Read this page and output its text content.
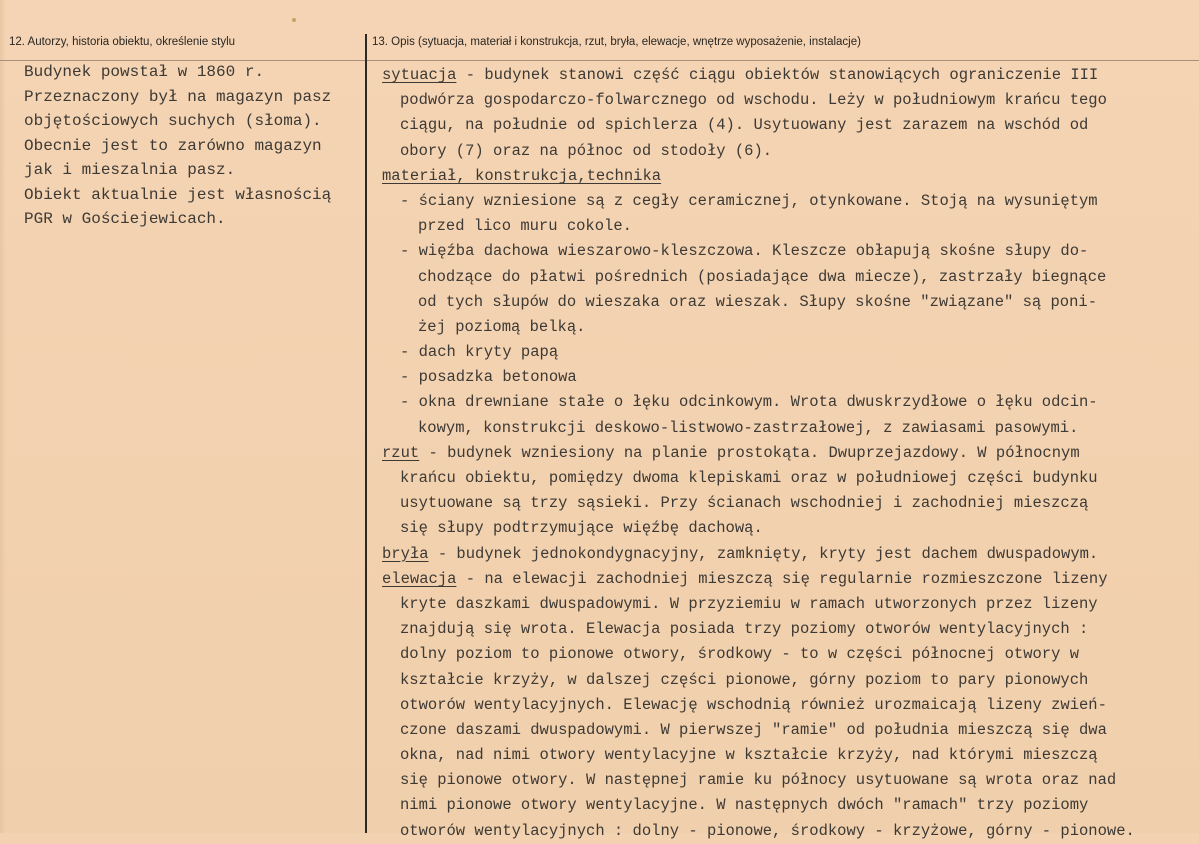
12. Autorzy, historia obiektu, określenie stylu	13. Opis (sytuacja, materiał i konstrukcja, rzut, bryła, elewacje, wnętrze wyposażenie, instalacje)
Budynek powstał w 1860 r.
Przeznaczony był na magazyn pasz
objętościowych suchych (słoma).
Obecnie jest to zarówno magazyn
jak i mieszalnia pasz.
Obiekt aktualnie jest własnością
PGR w Gościejewicach.
sytuacja - budynek stanowi część ciągu obiektów stanowiących ograniczenie III
podwórza gospodarczo-folwarcznego od wschodu. Leży w południowym krańcu tego
ciągu, na południe od spichlerza (4). Usytuowany jest zarazem na wschód od
obory (7) oraz na północ od stodoły (6).
materiał, konstrukcja,technika
- ściany wzniesione są z cegły ceramicznej, otynkowane. Stoją na wysuniętym
przed lico muru cokole.
- więźba dachowa wieszarowo-kleszczowa. Kleszcze obłapują skośne słupy do-
chodzące do płatwi pośrednich (posiadające dwa miecze), zastrzały biegnące
od tych słupów do wieszaka oraz wieszak. Słupy skośne "związane" są poni-
żej poziomą belką.
- dach kryty papą
- posadzka betonowa
- okna drewniane stałe o łęku odcinkowym. Wrota dwuskrzydłowe o łęku odcin-
kowym, konstrukcji deskowo-listwowo-zastrzałowej, z zawiasami pasowymi.
rzut - budynek wzniesiony na planie prostokąta. Dwuprzejazdowy. W północnym
krańcu obiektu, pomiędzy dwoma klepiskami oraz w południowej części budynku
usytuowane są trzy sąsieki. Przy ścianach wschodniej i zachodniej mieszczą
się słupy podtrzymujące więźbę dachową.
bryła - budynek jednokondygnacyjny, zamknięty, kryty jest dachem dwuspadowym.
elewacja - na elewacji zachodniej mieszczą się regularnie rozmieszczone lizeny
kryte daszkami dwuspadowymi. W przyziemiu w ramach utworzonych przez lizeny
znajdują się wrota. Elewacja posiada trzy poziomy otworów wentylacyjnych :
dolny poziom to pionowe otwory, środkowy - to w części północnej otwory w
kształcie krzyży, w dalszej części pionowe, górny poziom to pary pionowych
otworów wentylacyjnych. Elewację wschodnią również urozmaicają lizeny zwień-
czone daszami dwuspadowymi. W pierwszej "ramie" od południa mieszczą się dwa
okna, nad nimi otwory wentylacyjne w kształcie krzyży, nad którymi mieszczą
się pionowe otwory. W następnej ramie ku północy usytuowane są wrota oraz nad
nimi pionowe otwory wentylacyjne. W następnych dwóch "ramach" trzy poziomy
otworów wentylacyjnych : dolny - pionowe, środkowy - krzyżowe, górny - pionowe.
